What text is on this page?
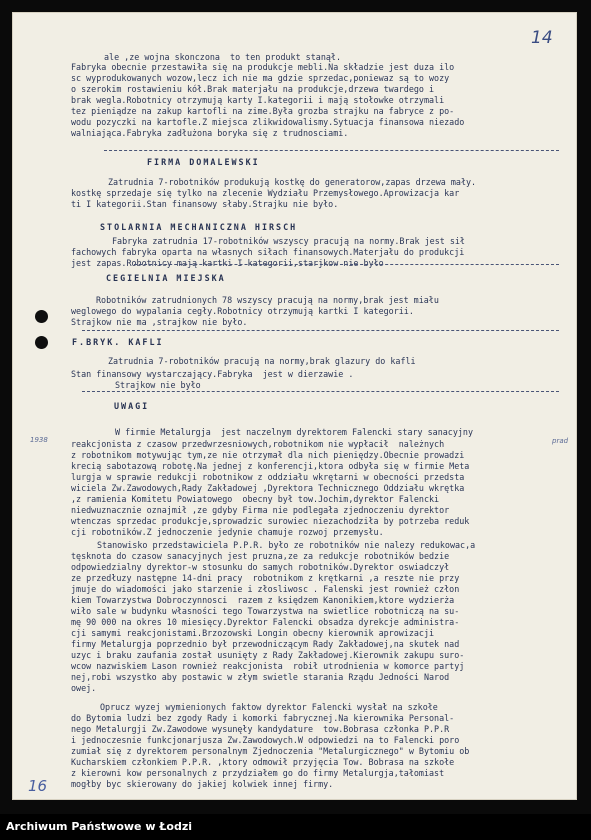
14
16
1938	prad
ale ,ze wojna skonczona  to ten produkt stanął.
Fabryka obecnie przestawiła się na produkcje mebli.Na składzie jest duza ilo
sc wyprodukowanych wozow,lecz ich nie ma gdzie sprzedac,poniewaz są to wozy
o szerokim rostawieniu kół.Brak materjału na produkcje,drzewa twardego i
brak wegla.Robotnicy otrzymują karty I.kategorii i mają stołowke otrzymali
tez pieniądze na zakup kartofli na zime.Była grozba strajku na fabryce z po-
wodu pozyczki na kartofle.Z miejsca zlikwidowalismy.Sytuacja finansowa niezado
walniająca.Fabryka zadłużona boryka się z trudnosciami.
FIRMA DOMALEWSKI
Zatrudnia 7-robotników produkują kostkę do generatorow,zapas drzewa mały.
kostkę sprzedaje się tylko na zlecenie Wydziału Przemysłowego.Aprowizacja kar
ti I kategorii.Stan finansowy słaby.Strajku nie było.
STOLARNIA MECHANICZNA HIRSCH
Fabryka zatrudnia 17-robotników wszyscy pracują na normy.Brak jest sił
fachowych fabryka oparta na własnych siłach finansowych.Materjału do produkcji
jest zapas.Robotnicy mają kartki I kategorii,starjkow nie było
CEGIELNIA MIEJSKA
Robotników zatrudnionych 78 wszyscy pracują na normy,brak jest miału
weglowego do wypalania cegły.Robotnicy otrzymują kartki I kategorii.
Strajkow nie ma ,strajkow nie było.
F.BRYK. KAFLI
Zatrudnia 7-robotników pracują na normy,brak glazury do kafli
Stan finansowy wystarczający.Fabryka  jest w dierzawie .
Strajkow nie było
UWAGI
W firmie Metalurgja  jest naczelnym dyrektorem Falencki stary sanacyjny
reakcjonista z czasow przedwrzesniowych,robotnikom nie wypłacił  należnych
z robotnikom motywując tym,ze nie otrzymał dla nich pieniędzy.Obecnie prowadzi
krecią sabotazową robotę.Na jednej z konferencji,ktora odbyła się w firmie Meta
lurgja w sprawie redukcji robotnikow z oddziału wkrętarni w obecności przedsta
wiciela Zw.Zawodowych,Rady Zakładowej ,Dyrektora Technicznego Oddziału wkrętka
,z ramienia Komitetu Powiatowego  obecny był tow.Jochim,dyrektor Falencki
niedwuznacznie oznajmił ,ze gdyby Firma nie podlegała zjednoczeniu dyrektor
wtenczas sprzedac produkcje,sprowadzic surowiec niezachodziła by potrzeba reduk
cji robotników.Z jednoczenie jedynie chamuje rozwoj przemysłu.
Stanowisko przedstawiciela P.P.R. było ze robotników nie nalezy redukowac,a
tęsknota do czasow sanacyjnych jest pruzna,ze za redukcje robotników bedzie
odpowiedzialny dyrektor-w stosunku do samych robotników.Dyrektor oswiadczył
ze przedłuzy następne 14-dni pracy  robotnikom z krętkarni ,a reszte nie przy
jmuje do wiadomości jako starzenie i złosliwosc . Falenski jest rownież człon
kiem Towarzystwa Dobroczynnosci  razem z księdzem Kanonikiem,ktore wydzierża
wiło sale w budynku własności tego Towarzystwa na swietlice robotniczą na su-
mę 90 000 na okres 10 miesięcy.Dyrektor Falencki obsadza dyrekcje administra-
cji samymi reakcjonistami.Brzozowski Longin obecny kierownik aprowizacji
firmy Metalurgja poprzednio był przewodniczącym Rady Zakładowej,na skutek nad
uzyc i braku zaufania został usunięty z Rady Zakładowej.Kierownik zakupu suro-
wcow nazwiskiem Lason rownież reakcjonista  robił utrodnienia w komorce partyj
nej,robi wszystko aby postawic w złym swietle starania Rządu Jedności Narod
owej.
Oprucz wyzej wymienionych faktow dyrektor Falencki wysłał na szkołe
do Bytomia ludzi bez zgody Rady i komorki fabrycznej.Na kierownika Personal-
nego Metalurgji Zw.Zawodowe wysunęły kandydature  tow.Bobrasa członka P.P.R
i jednoczesnie funkcjonarjusza Zw.Zawodowych.W odpowiedzi na to Falencki poro
zumiał się z dyrektorem personalnym Zjednoczenia "Metalurgicznego" w Bytomiu ob
Kucharskiem członkiem P.P.R. ,ktory odmowił przyjęcia Tow. Bobrasa na szkołe
z kierowni kow personalnych z przydziałem go do firmy Metalurgja,tałomiast
mogłby byc skierowany do jakiej kolwiek innej firmy.
Archiwum Państwowe w Łodzi
